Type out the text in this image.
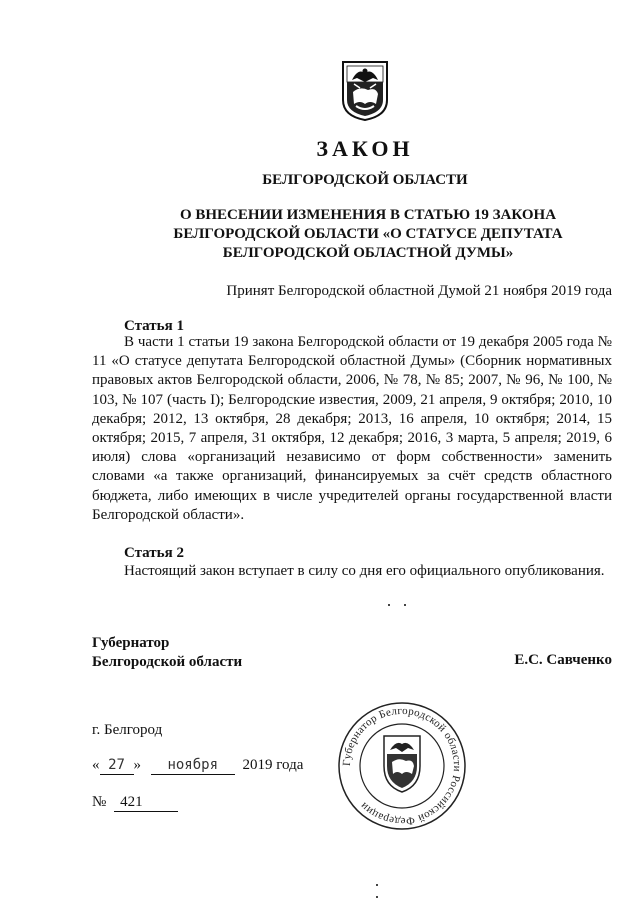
ЗАКОН
БЕЛГОРОДСКОЙ ОБЛАСТИ
О ВНЕСЕНИИ ИЗМЕНЕНИЯ В СТАТЬЮ 19 ЗАКОНА БЕЛГОРОДСКОЙ ОБЛАСТИ «О СТАТУСЕ ДЕПУТАТА БЕЛГОРОДСКОЙ ОБЛАСТНОЙ ДУМЫ»
Принят Белгородской областной Думой 21 ноября 2019 года
Статья 1
В части 1 статьи 19 закона Белгородской области от 19 декабря 2005 года № 11 «О статусе депутата Белгородской областной Думы» (Сборник нормативных правовых актов Белгородской области, 2006, № 78, № 85; 2007, № 96, № 100, № 103, № 107 (часть I); Белгородские известия, 2009, 21 апреля, 9 октября; 2010, 10 декабря; 2012, 13 октября, 28 декабря; 2013, 16 апреля, 10 октября; 2014, 15 октября; 2015, 7 апреля, 31 октября, 12 декабря; 2016, 3 марта, 5 апреля; 2019, 6 июля) слова «организаций независимо от форм собственности» заменить словами «а также организаций, финансируемых за счёт средств областного бюджета, либо имеющих в числе учредителей органы государственной власти Белгородской области».
Статья 2
Настоящий закон вступает в силу со дня его официального опубликования.
Губернатор
Белгородской области	Е.С. Савченко
Губернатор Белгородской области Российской Федерации
г. Белгород
« 27 » ноября 2019 года
№ 421
